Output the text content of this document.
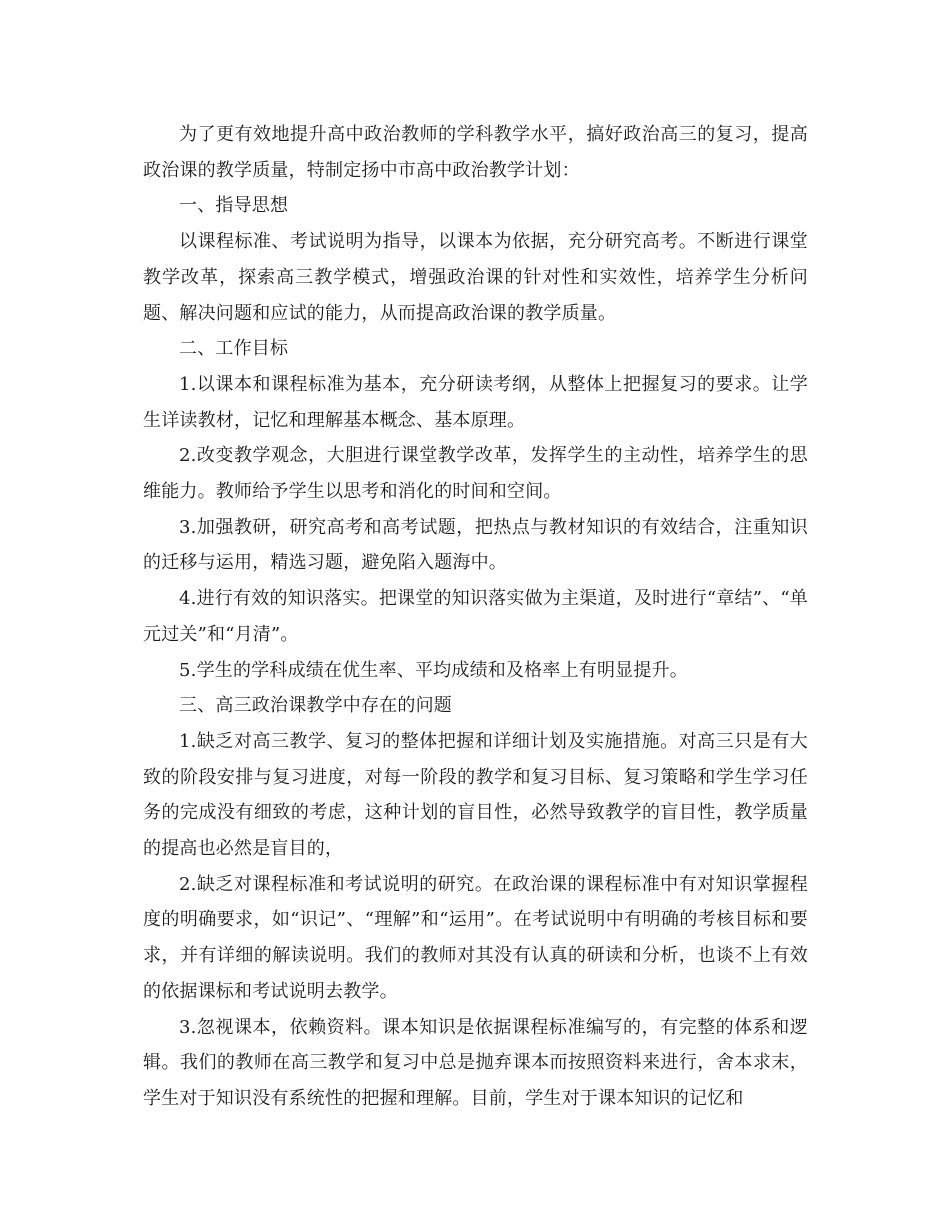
为了更有效地提升高中政治教师的学科教学水平，搞好政治高三的复习，提高政治课的教学质量，特制定扬中市高中政治教学计划：

一、指导思想

以课程标准、考试说明为指导，以课本为依据，充分研究高考。不断进行课堂教学改革，探索高三教学模式，增强政治课的针对性和实效性，培养学生分析问题、解决问题和应试的能力，从而提高政治课的教学质量。

二、工作目标

1.以课本和课程标准为基本，充分研读考纲，从整体上把握复习的要求。让学生详读教材，记忆和理解基本概念、基本原理。

2.改变教学观念，大胆进行课堂教学改革，发挥学生的主动性，培养学生的思维能力。教师给予学生以思考和消化的时间和空间。

3.加强教研，研究高考和高考试题，把热点与教材知识的有效结合，注重知识的迁移与运用，精选习题，避免陷入题海中。

4.进行有效的知识落实。把课堂的知识落实做为主渠道，及时进行“章结”、“单元过关”和“月清”。

5.学生的学科成绩在优生率、平均成绩和及格率上有明显提升。

三、高三政治课教学中存在的问题

1.缺乏对高三教学、复习的整体把握和详细计划及实施措施。对高三只是有大致的阶段安排与复习进度，对每一阶段的教学和复习目标、复习策略和学生学习任务的完成没有细致的考虑，这种计划的盲目性，必然导致教学的盲目性，教学质量的提高也必然是盲目的，

2.缺乏对课程标准和考试说明的研究。在政治课的课程标准中有对知识掌握程度的明确要求，如“识记”、“理解”和“运用”。在考试说明中有明确的考核目标和要求，并有详细的解读说明。我们的教师对其没有认真的研读和分析，也谈不上有效的依据课标和考试说明去教学。

3.忽视课本，依赖资料。课本知识是依据课程标准编写的，有完整的体系和逻辑。我们的教师在高三教学和复习中总是抛弃课本而按照资料来进行，舍本求末，学生对于知识没有系统性的把握和理解。目前，学生对于课本知识的记忆和
